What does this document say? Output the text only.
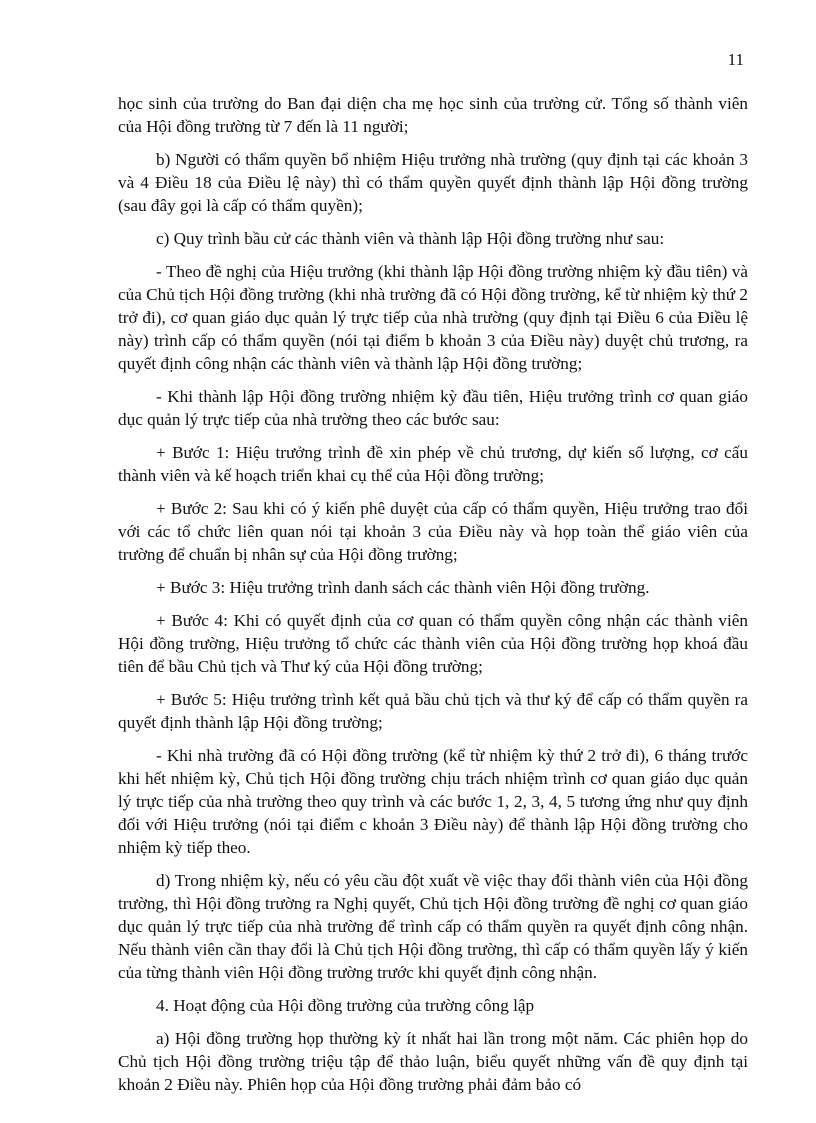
11

học sinh của trường do Ban đại diện cha mẹ học sinh của trường cử. Tổng số thành viên của Hội đồng trường từ 7 đến là 11 người;

b) Người có thẩm quyền bổ nhiệm Hiệu trưởng nhà trường (quy định tại các khoản 3 và 4 Điều 18 của Điều lệ này) thì có thẩm quyền quyết định thành lập Hội đồng trường (sau đây gọi là cấp có thẩm quyền);

c) Quy trình bầu cử các thành viên và thành lập Hội đồng trường như sau:

- Theo đề nghị của Hiệu trưởng (khi thành lập Hội đồng trường nhiệm kỳ đầu tiên) và của Chủ tịch Hội đồng trường (khi nhà trường đã có Hội đồng trường, kể từ nhiệm kỳ thứ 2 trở đi), cơ quan giáo dục quản lý trực tiếp của nhà trường (quy định tại Điều 6 của Điều lệ này) trình cấp có thẩm quyền (nói tại điểm b khoản 3 của Điều này) duyệt chủ trương, ra quyết định công nhận các thành viên và thành lập Hội đồng trường;

- Khi thành lập Hội đồng trường nhiệm kỳ đầu tiên, Hiệu trưởng trình cơ quan giáo dục quản lý trực tiếp của nhà trường theo các bước sau:

+ Bước 1: Hiệu trưởng trình đề xin phép về chủ trương, dự kiến số lượng, cơ cấu thành viên và kế hoạch triển khai cụ thể của Hội đồng trường;

+ Bước 2: Sau khi có ý kiến phê duyệt của cấp có thẩm quyền, Hiệu trưởng trao đổi với các tổ chức liên quan nói tại khoản 3 của Điều này và họp toàn thể giáo viên của trường để chuẩn bị nhân sự của Hội đồng trường;

+ Bước 3: Hiệu trưởng trình danh sách các thành viên Hội đồng trường.

+ Bước 4: Khi có quyết định của cơ quan có thẩm quyền công nhận các thành viên Hội đồng trường, Hiệu trưởng tổ chức các thành viên của Hội đồng trường họp khoá đầu tiên để bầu Chủ tịch và Thư ký của Hội đồng trường;

+ Bước 5: Hiệu trưởng trình kết quả bầu chủ tịch và thư ký để cấp có thẩm quyền ra quyết định thành lập Hội đồng trường;

- Khi nhà trường đã có Hội đồng trường (kể từ nhiệm kỳ thứ 2 trở đi), 6 tháng trước khi hết nhiệm kỳ, Chủ tịch Hội đồng trường chịu trách nhiệm trình cơ quan giáo dục quản lý trực tiếp của nhà trường theo quy trình và các bước 1, 2, 3, 4, 5 tương ứng như quy định đối với Hiệu trưởng (nói tại điểm c khoản 3 Điều này) để thành lập Hội đồng trường cho nhiệm kỳ tiếp theo.

d) Trong nhiệm kỳ, nếu có yêu cầu đột xuất về việc thay đổi thành viên của Hội đồng trường, thì Hội đồng trường ra Nghị quyết, Chủ tịch Hội đồng trường đề nghị cơ quan giáo dục quản lý trực tiếp của nhà trường để trình cấp có thẩm quyền ra quyết định công nhận. Nếu thành viên cần thay đổi là Chủ tịch Hội đồng trường, thì cấp có thẩm quyền lấy ý kiến của từng thành viên Hội đồng trường trước khi quyết định công nhận.

4. Hoạt động của Hội đồng trường của trường công lập

a) Hội đồng trường họp thường kỳ ít nhất hai lần trong một năm. Các phiên họp do Chủ tịch Hội đồng trường triệu tập để thảo luận, biểu quyết những vấn đề quy định tại khoản 2 Điều này. Phiên họp của Hội đồng trường phải đảm bảo có
